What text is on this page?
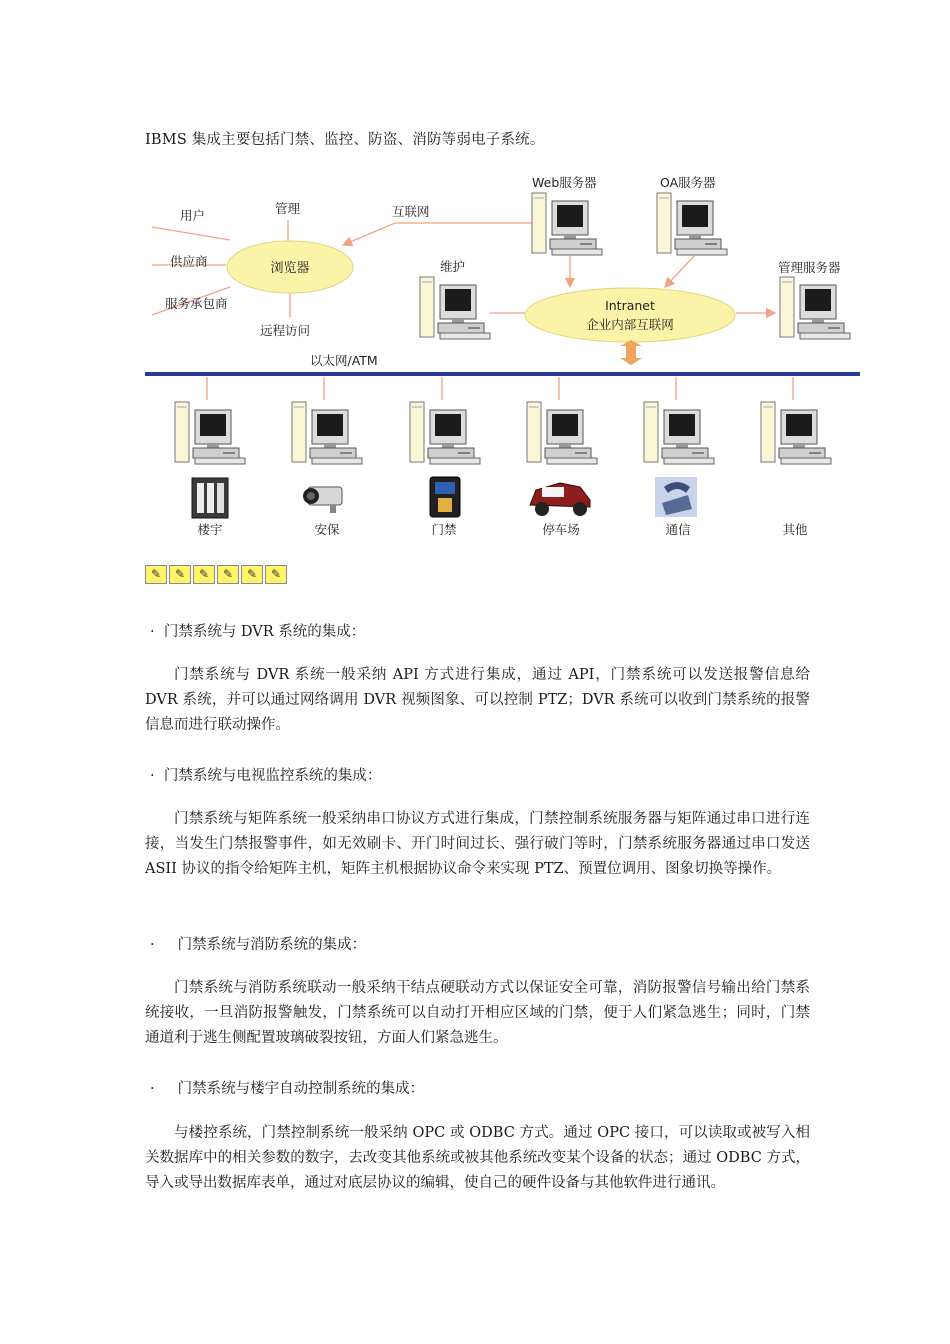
IBMS 集成主要包括门禁、监控、防盗、消防等弱电子系统。
浏览器
用户	管理
供应商
服务承包商
远程访问
互联网
Web服务器	OA服务器
维护	管理服务器
Intranet
企业内部互联网
以太网/ATM
楼宇	安保	门禁	停车场	通信	其他
✎	✎	✎	✎	✎	✎
·  门禁系统与 DVR 系统的集成：
门禁系统与 DVR 系统一般采纳 API 方式进行集成，通过 API，门禁系统可以发送报警信息给 DVR 系统，并可以通过网络调用 DVR 视频图象、可以控制 PTZ；DVR 系统可以收到门禁系统的报警信息而进行联动操作。
·  门禁系统与电视监控系统的集成：
门禁系统与矩阵系统一般采纳串口协议方式进行集成，门禁控制系统服务器与矩阵通过串口进行连接，当发生门禁报警事件，如无效刷卡、开门时间过长、强行破门等时，门禁系统服务器通过串口发送 ASII 协议的指令给矩阵主机，矩阵主机根据协议命令来实现 PTZ、预置位调用、图象切换等操作。
·     门禁系统与消防系统的集成：
门禁系统与消防系统联动一般采纳干结点硬联动方式以保证安全可靠，消防报警信号输出给门禁系统接收，一旦消防报警触发，门禁系统可以自动打开相应区域的门禁，便于人们紧急逃生；同时，门禁通道利于逃生侧配置玻璃破裂按钮，方面人们紧急逃生。
·     门禁系统与楼宇自动控制系统的集成：
与楼控系统，门禁控制系统一般采纳 OPC 或 ODBC 方式。通过 OPC 接口，可以读取或被写入相关数据库中的相关参数的数字，去改变其他系统或被其他系统改变某个设备的状态；通过 ODBC 方式，导入或导出数据库表单，通过对底层协议的编辑，使自己的硬件设备与其他软件进行通讯。
